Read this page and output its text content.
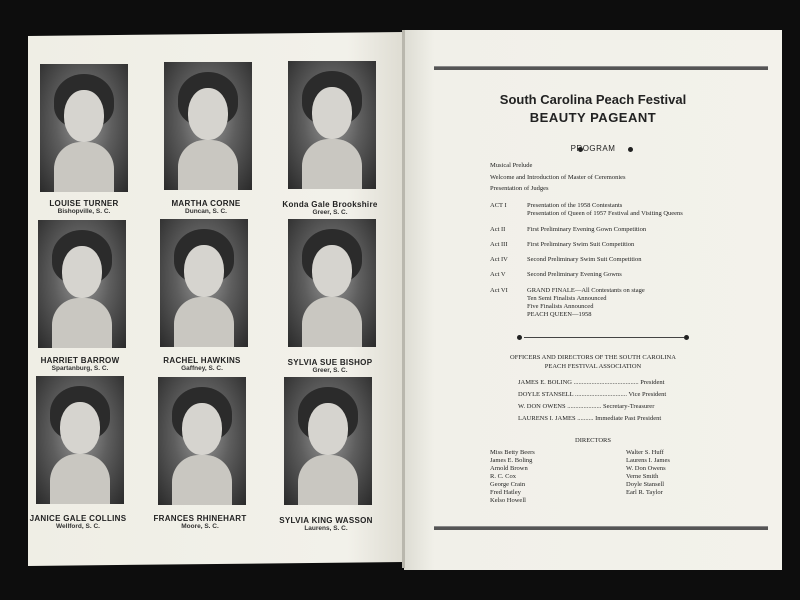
LOUISE TURNER
Bishopville, S. C.
MARTHA CORNE
Duncan, S. C.
Konda Gale Brookshire
Greer, S. C.
HARRIET BARROW
Spartanburg, S. C.
RACHEL HAWKINS
Gaffney, S. C.
SYLVIA SUE BISHOP
Greer, S. C.
JANICE GALE COLLINS
Wellford, S. C.
FRANCES RHINEHART
Moore, S. C.
SYLVIA KING WASSON
Laurens, S. C.
South Carolina Peach Festival
BEAUTY PAGEANT
PROGRAM
Musical Prelude
Welcome and Introduction of Master of Ceremonies
Presentation of Judges
ACT I	Presentation of the 1958 Contestants
Presentation of Queen of 1957 Festival and Visiting Queens
Act II	First Preliminary Evening Gown Competition
Act III	First Preliminary Swim Suit Competition
Act IV	Second Preliminary Swim Suit Competition
Act V	Second Preliminary Evening Gowns
Act VI	GRAND FINALE—All Contestants on stage
Ten Semi Finalists Announced
Five Finalists Announced
PEACH QUEEN—1958
OFFICERS AND DIRECTORS OF THE SOUTH CAROLINA
PEACH FESTIVAL ASSOCIATION
JAMES E. BOLING ........................................ President
DOYLE STANSELL ................................ Vice President
W. DON OWENS ..................... Secretary-Treasurer
LAURENS I. JAMES .......... Immediate Past President
DIRECTORS
Miss Betty Beers
James E. Boling
Arnold Brown
R. C. Cox
George Crain
Fred Hatley
Kelso Howell
Walter S. Huff
Laurens I. James
W. Don Owens
Verne Smith
Doyle Stansell
Earl R. Taylor
